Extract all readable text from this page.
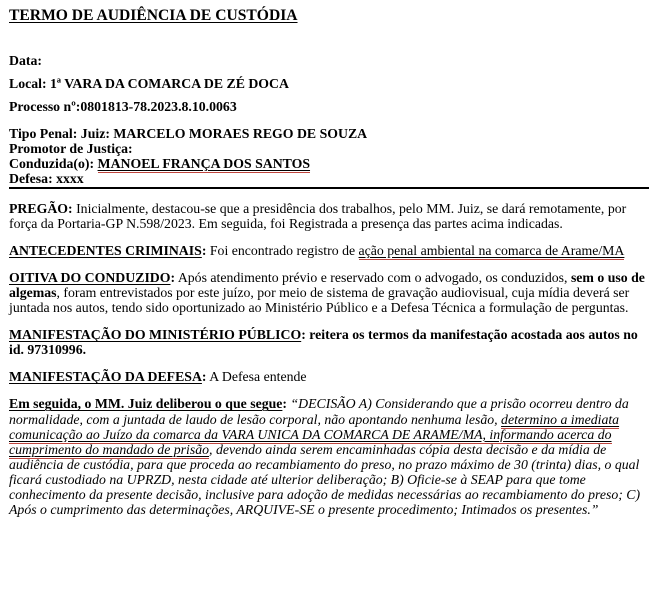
TERMO DE AUDIÊNCIA DE CUSTÓDIA

Data:

Local: 1ª VARA DA COMARCA DE ZÉ DOCA

Processo nº:0801813-78.2023.8.10.0063

Tipo Penal: Juiz: MARCELO MORAES REGO DE SOUZA

Promotor de Justiça:

Conduzida(o): MANOEL FRANÇA DOS SANTOS

Defesa: xxxx

PREGÃO: Inicialmente, destacou-se que a presidência dos trabalhos, pelo MM. Juiz, se dará remotamente, por força da Portaria-GP N.598/2023. Em seguida, foi Registrada a presença das partes acima indicadas.

ANTECEDENTES CRIMINAIS: Foi encontrado registro de ação penal ambiental na comarca de Arame/MA

OITIVA DO CONDUZIDO: Após atendimento prévio e reservado com o advogado, os conduzidos, sem o uso de algemas, foram entrevistados por este juízo, por meio de sistema de gravação audiovisual, cuja mídia deverá ser juntada nos autos, tendo sido oportunizado ao Ministério Público e a Defesa Técnica a formulação de perguntas.

MANIFESTAÇÃO DO MINISTÉRIO PÚBLICO: reitera os termos da manifestação acostada aos autos no id. 97310996.

MANIFESTAÇÃO DA DEFESA: A Defesa entende

Em seguida, o MM. Juiz deliberou o que segue: “DECISÃO A) Considerando que a prisão ocorreu dentro da normalidade, com a juntada de laudo de lesão corporal, não apontando nenhuma lesão, determino a imediata comunicação ao Juízo da comarca da VARA UNICA DA COMARCA DE ARAME/MA, informando acerca do cumprimento do mandado de prisão, devendo ainda serem encaminhadas cópia desta decisão e da mídia de audiência de custódia, para que proceda ao recambiamento do preso, no prazo máximo de 30 (trinta) dias, o qual ficará custodiado na UPRZD, nesta cidade até ulterior deliberação; B) Oficie-se à SEAP para que tome conhecimento da presente decisão, inclusive para adoção de medidas necessárias ao recambiamento do preso; C) Após o cumprimento das determinações, ARQUIVE-SE o presente procedimento; Intimados os presentes.”
